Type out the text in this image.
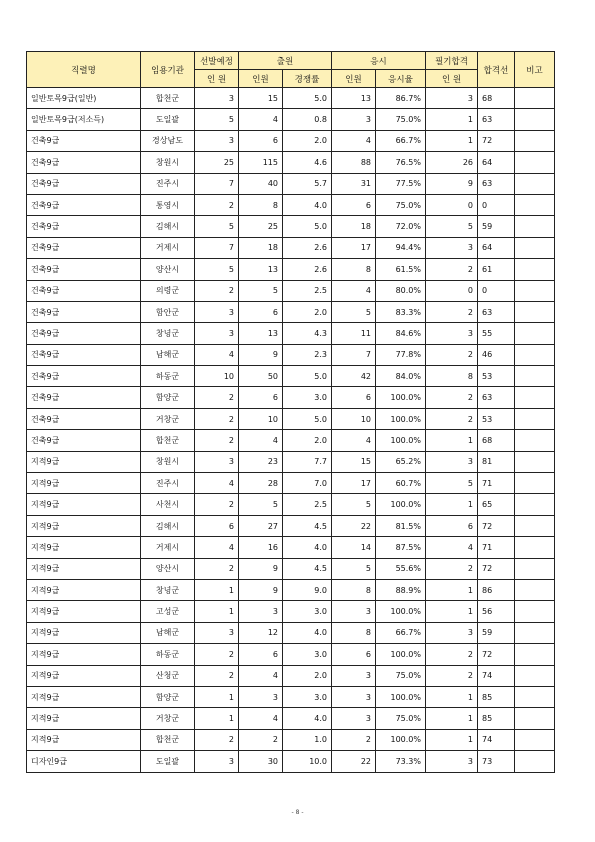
직렬명	임용기관	선발예정	출원		응시		필기합격	합격선	비고
		인 원	인원	경쟁률	인원	응시율	인 원		
일반토목9급(일반)	합천군	3	15	5.0	13	86.7%	3	68	
일반토목9급(저소득)	도일괄	5	4	0.8	3	75.0%	1	63	
건축9급	경상남도	3	6	2.0	4	66.7%	1	72	
건축9급	창원시	25	115	4.6	88	76.5%	26	64	
건축9급	진주시	7	40	5.7	31	77.5%	9	63	
건축9급	통영시	2	8	4.0	6	75.0%	0	0	
건축9급	김해시	5	25	5.0	18	72.0%	5	59	
건축9급	거제시	7	18	2.6	17	94.4%	3	64	
건축9급	양산시	5	13	2.6	8	61.5%	2	61	
건축9급	의령군	2	5	2.5	4	80.0%	0	0	
건축9급	함안군	3	6	2.0	5	83.3%	2	63	
건축9급	창녕군	3	13	4.3	11	84.6%	3	55	
건축9급	남해군	4	9	2.3	7	77.8%	2	46	
건축9급	하동군	10	50	5.0	42	84.0%	8	53	
건축9급	함양군	2	6	3.0	6	100.0%	2	63	
건축9급	거창군	2	10	5.0	10	100.0%	2	53	
건축9급	합천군	2	4	2.0	4	100.0%	1	68	
지적9급	창원시	3	23	7.7	15	65.2%	3	81	
지적9급	진주시	4	28	7.0	17	60.7%	5	71	
지적9급	사천시	2	5	2.5	5	100.0%	1	65	
지적9급	김해시	6	27	4.5	22	81.5%	6	72	
지적9급	거제시	4	16	4.0	14	87.5%	4	71	
지적9급	양산시	2	9	4.5	5	55.6%	2	72	
지적9급	창녕군	1	9	9.0	8	88.9%	1	86	
지적9급	고성군	1	3	3.0	3	100.0%	1	56	
지적9급	남해군	3	12	4.0	8	66.7%	3	59	
지적9급	하동군	2	6	3.0	6	100.0%	2	72	
지적9급	산청군	2	4	2.0	3	75.0%	2	74	
지적9급	함양군	1	3	3.0	3	100.0%	1	85	
지적9급	거창군	1	4	4.0	3	75.0%	1	85	
지적9급	합천군	2	2	1.0	2	100.0%	1	74	
디자인9급	도일괄	3	30	10.0	22	73.3%	3	73	
- 8 -
